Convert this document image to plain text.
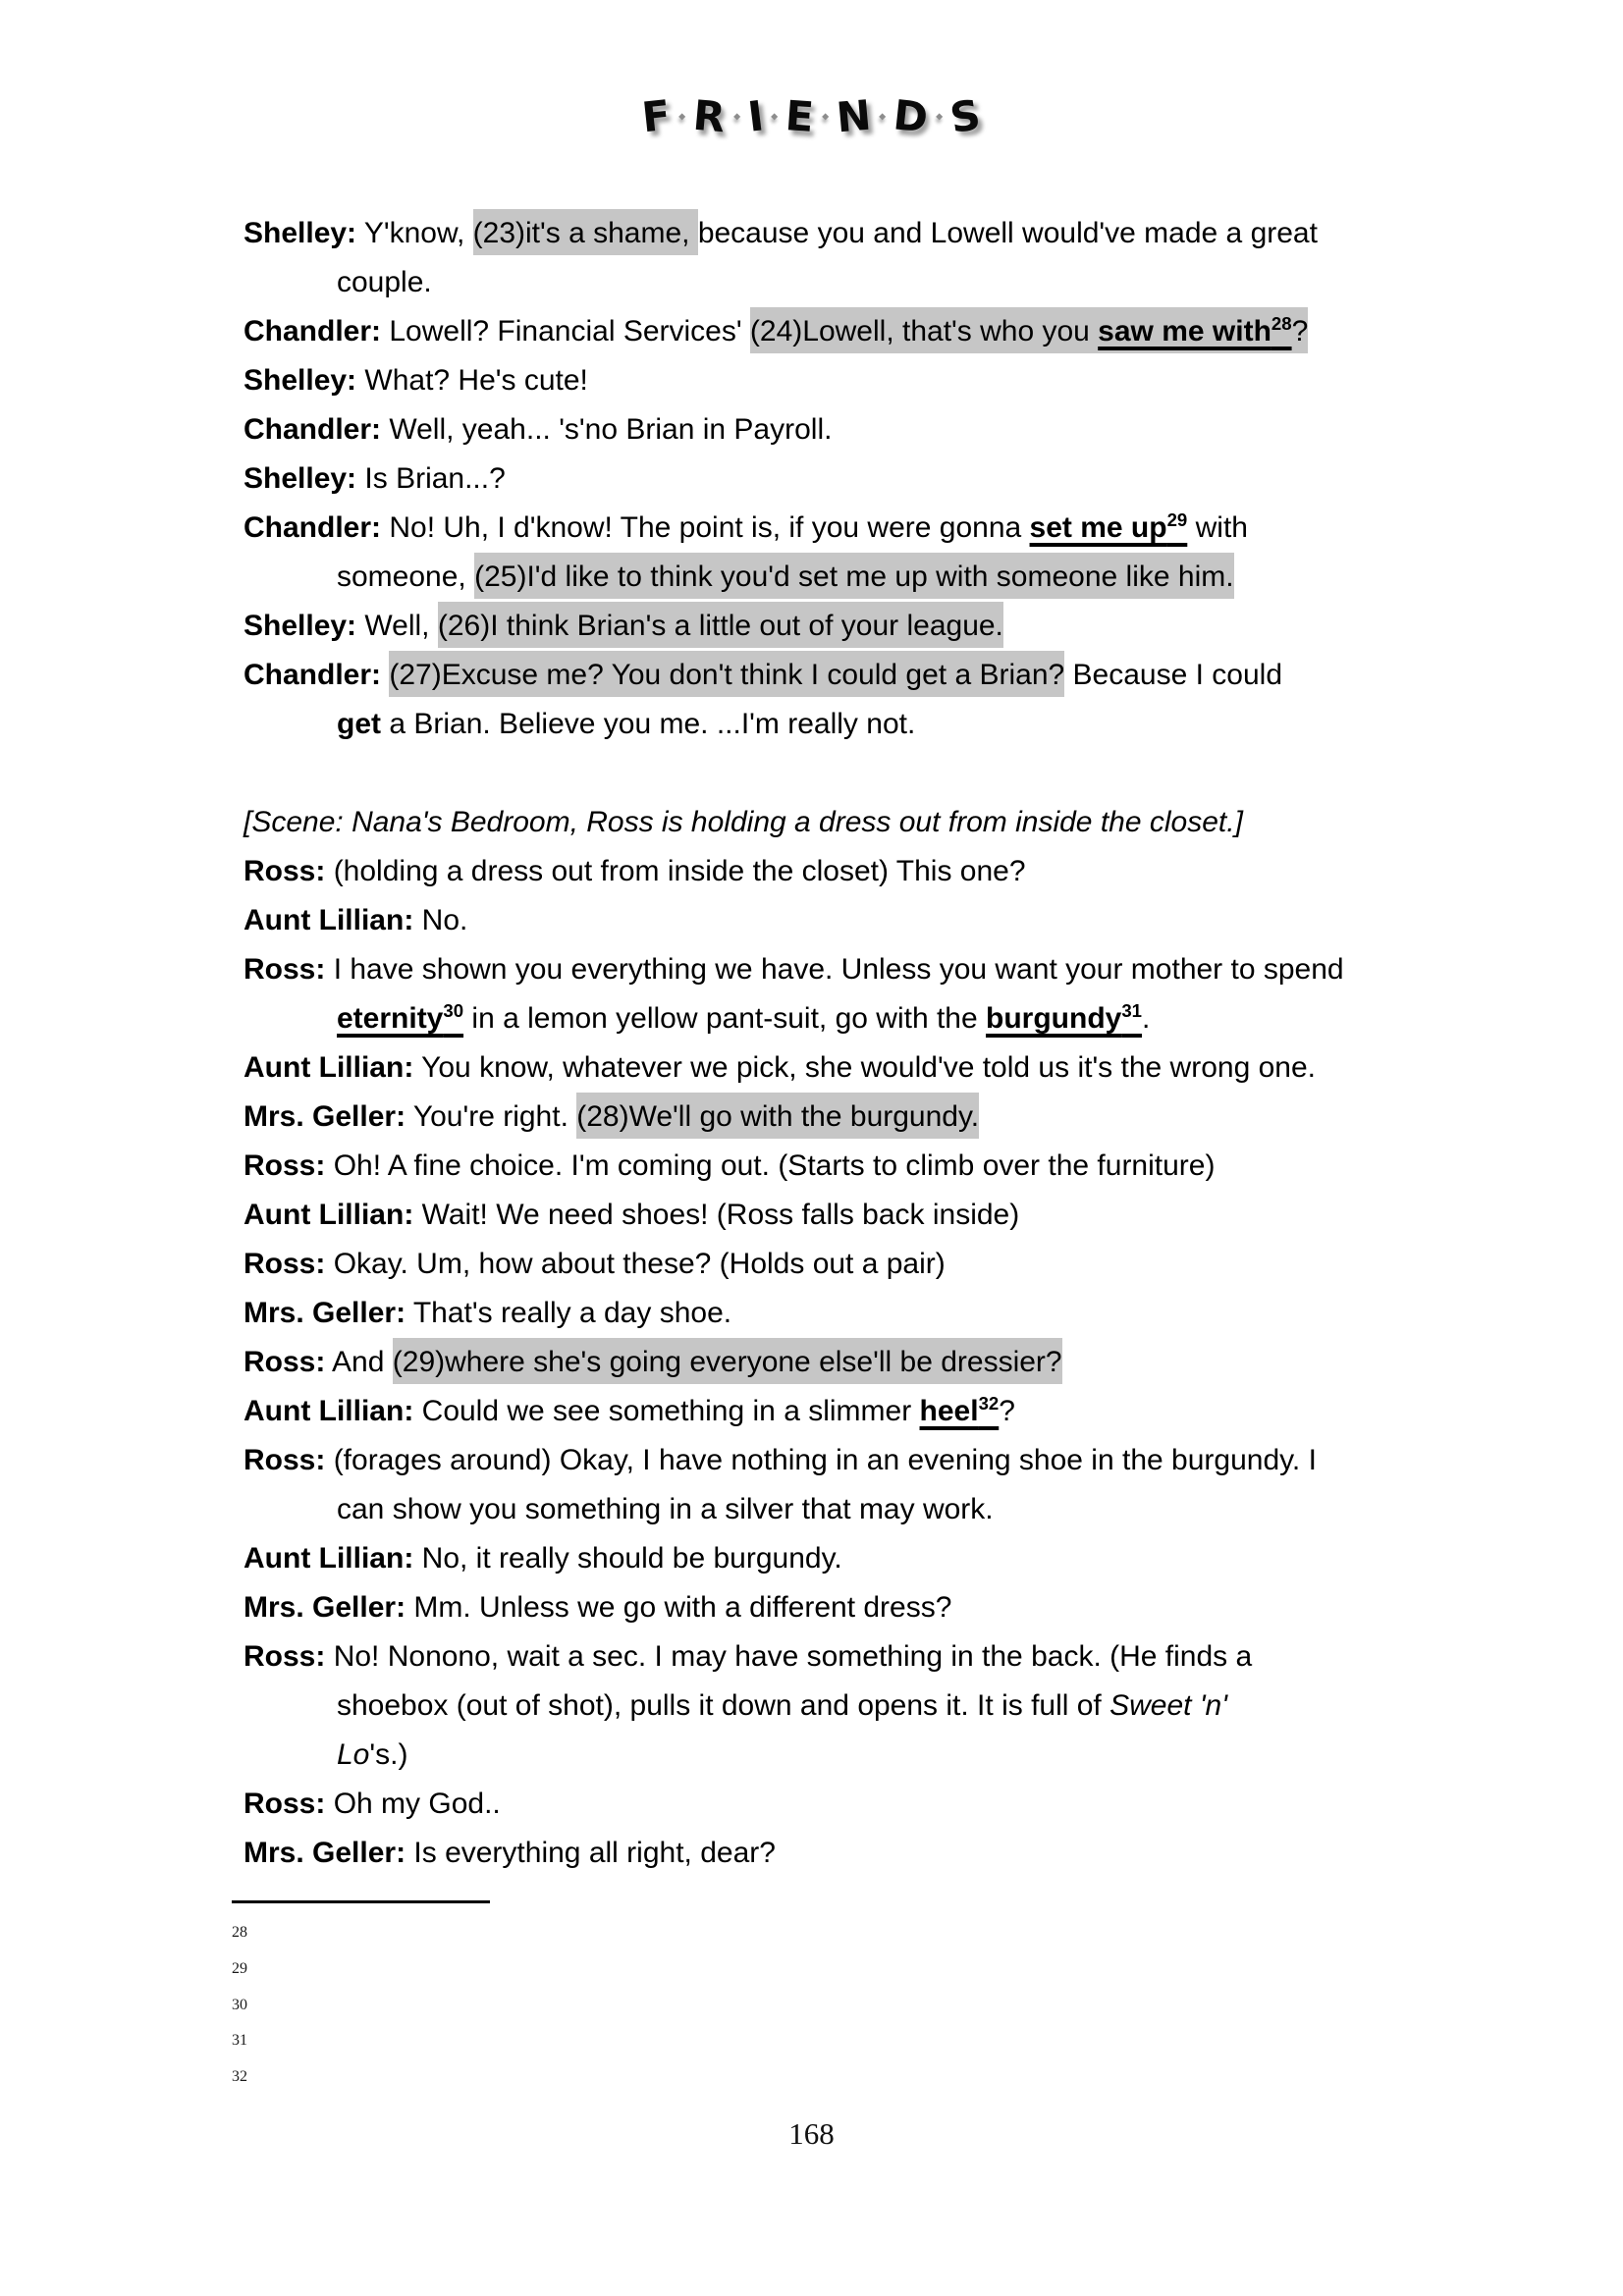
F
▪ R ▪
I
▪ E ▪ N ▪
D
▪
S
Shelley: Y'know, (23)it's a shame, because you and Lowell would've made a great
couple.
Chandler: Lowell? Financial Services' (24)Lowell, that's who you saw me with$^{28}$?
Shelley: What? He's cute!
Chandler: Well, yeah... 's'no Brian in Payroll.
Shelley: Is Brian...?
Chandler: No! Uh, I d'know! The point is, if you were gonna set me $up^{29}$ with
someone, (25)I'd like to think you'd set me up with someone like him.
Shelley: Well, (26)I think Brian's a little out of your league.
Chandler: (27)Excuse me? You don't think I could get a Brian? Because I could
get a Brian. Believe you me. ...I'm really not.
[Scene: Nana's Bedroom, Ross is holding a dress out from inside the closet.]
Ross: (holding a dress out from inside the closet) This one?
Aunt Lillian: No.
Ross: I have shown you everything we have. Unless you want your mother to spend
eternity$^{30}$ in a lemon yellow pant-suit, go with the burgundy$^{31}$.
Aunt Lillian: You know, whatever we pick, she would've told us it's the wrong one.
Mrs. Geller: You're right. (28)We'll go with the burgundy.
Ross: Oh! A fine choice. I'm coming out. (Starts to climb over the furniture)
Aunt Lillian: Wait! We need shoes! (Ross falls back inside)
Ross: Okay. Um, how about these? (Holds out a pair)
Mrs. Geller: That's really a day shoe.
Ross: And (29)where she's going everyone else'll be dressier?
Aunt Lillian: Could we see something in a slimmer heel$^{32}$?
Ross: (forages around) Okay, I have nothing in an evening shoe in the burgundy. I
can show you something in a silver that may work.
Aunt Lillian: No, it really should be burgundy.
Mrs. Geller: Mm. Unless we go with a different dress?
Ross: No! Nonono, wait a sec. I may have something in the back. (He finds a
shoebox (out of shot), pulls it down and opens it. It is full of Sweet 'n'
Lo's.)
Ross: Oh my God..
Mrs. Geller: Is everything all right, dear?
28
29
30
31
32
168
